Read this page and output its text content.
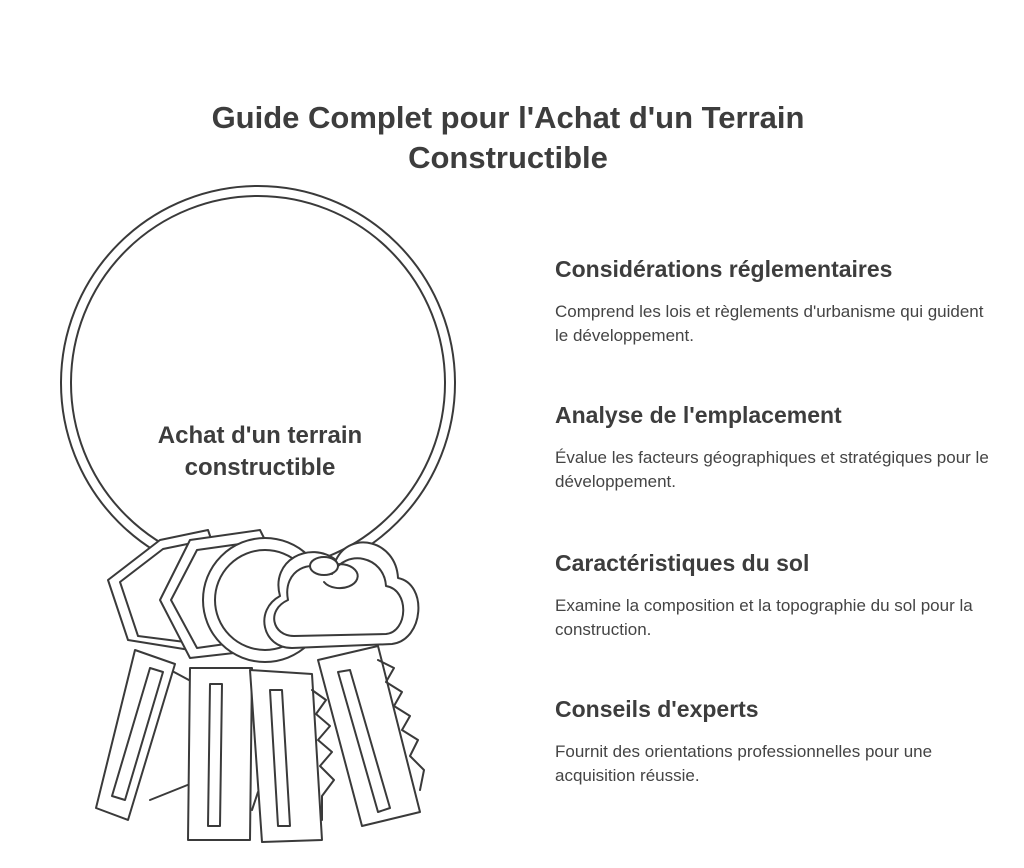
Guide Complet pour l'Achat d'un Terrain Constructible
Achat d'un terrain constructible
Considérations réglementaires
Comprend les lois et règlements d'urbanisme qui guident le développement.
Analyse de l'emplacement
Évalue les facteurs géographiques et stratégiques pour le développement.
Caractéristiques du sol
Examine la composition et la topographie du sol pour la construction.
Conseils d'experts
Fournit des orientations professionnelles pour une acquisition réussie.
